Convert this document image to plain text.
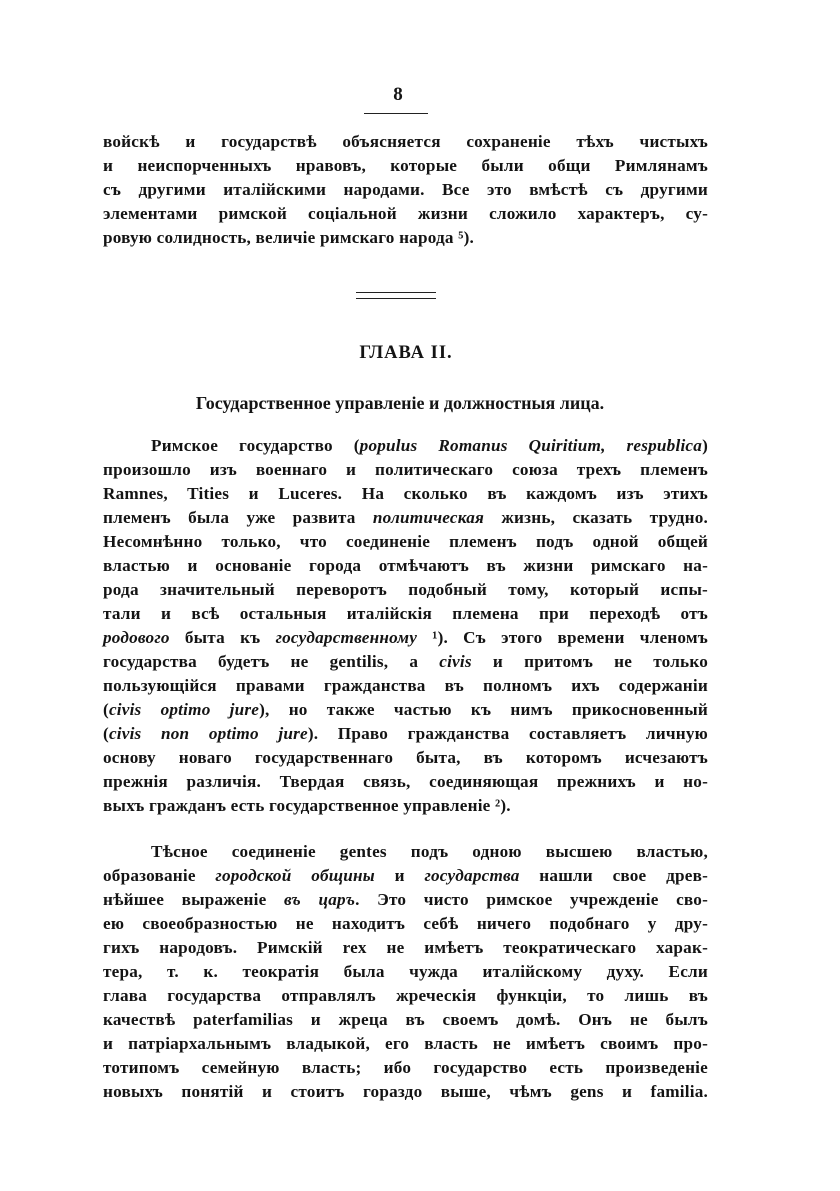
8

войскѣ и государствѣ объясняется сохраненіе тѣхъ чистыхъ
и неиспорченныхъ нравовъ, которые были общи Римлянамъ
съ другими италійскими народами. Все это вмѣстѣ съ другими
элементами римской соціальной жизни сложило характеръ, су-
ровую солидность, величіе римскаго народа ⁵).

ГЛАВА II.
Государственное управленіе и должностныя лица.

Римское государство (populus Romanus Quiritium, respublica)
произошло изъ военнаго и политическаго союза трехъ племенъ
Ramnes, Tities и Luceres. На сколько въ каждомъ изъ этихъ
племенъ была уже развита политическая жизнь, сказать трудно.
Несомнѣнно только, что соединеніе племенъ подъ одной общей
властью и основаніе города отмѣчаютъ въ жизни римскаго на-
рода значительный переворотъ подобный тому, который испы-
тали и всѣ остальныя италійскія племена при переходѣ отъ
родового быта къ государственному ¹). Съ этого времени членомъ
государства будетъ не gentilis, а civis и притомъ не только
пользующійся правами гражданства въ полномъ ихъ содержаніи
(civis optimo jure), но также частью къ нимъ прикосновенный
(civis non optimo jure). Право гражданства составляетъ личную
основу новаго государственнаго быта, въ которомъ исчезаютъ
прежнія различія. Твердая связь, соединяющая прежнихъ и но-
выхъ гражданъ есть государственное управленіе ²).

Тѣсное соединеніе gentes подъ одною высшею властью,
образованіе городской общины и государства нашли свое древ-
нѣйшее выраженіе въ царъ. Это чисто римское учрежденіе сво-
ею своеобразностью не находитъ себѣ ничего подобнаго у дру-
гихъ народовъ. Римскій rex не имѣетъ теократическаго харак-
тера, т. к. теократія была чужда италійскому духу. Если
глава государства отправлялъ жреческія функціи, то лишь въ
качествѣ paterfamilias и жреца въ своемъ домѣ. Онъ не былъ
и патріархальнымъ владыкой, его власть не имѣетъ своимъ про-
тотипомъ семейную власть; ибо государство есть произведеніе
новыхъ понятій и стоитъ гораздо выше, чѣмъ gens и familia.
